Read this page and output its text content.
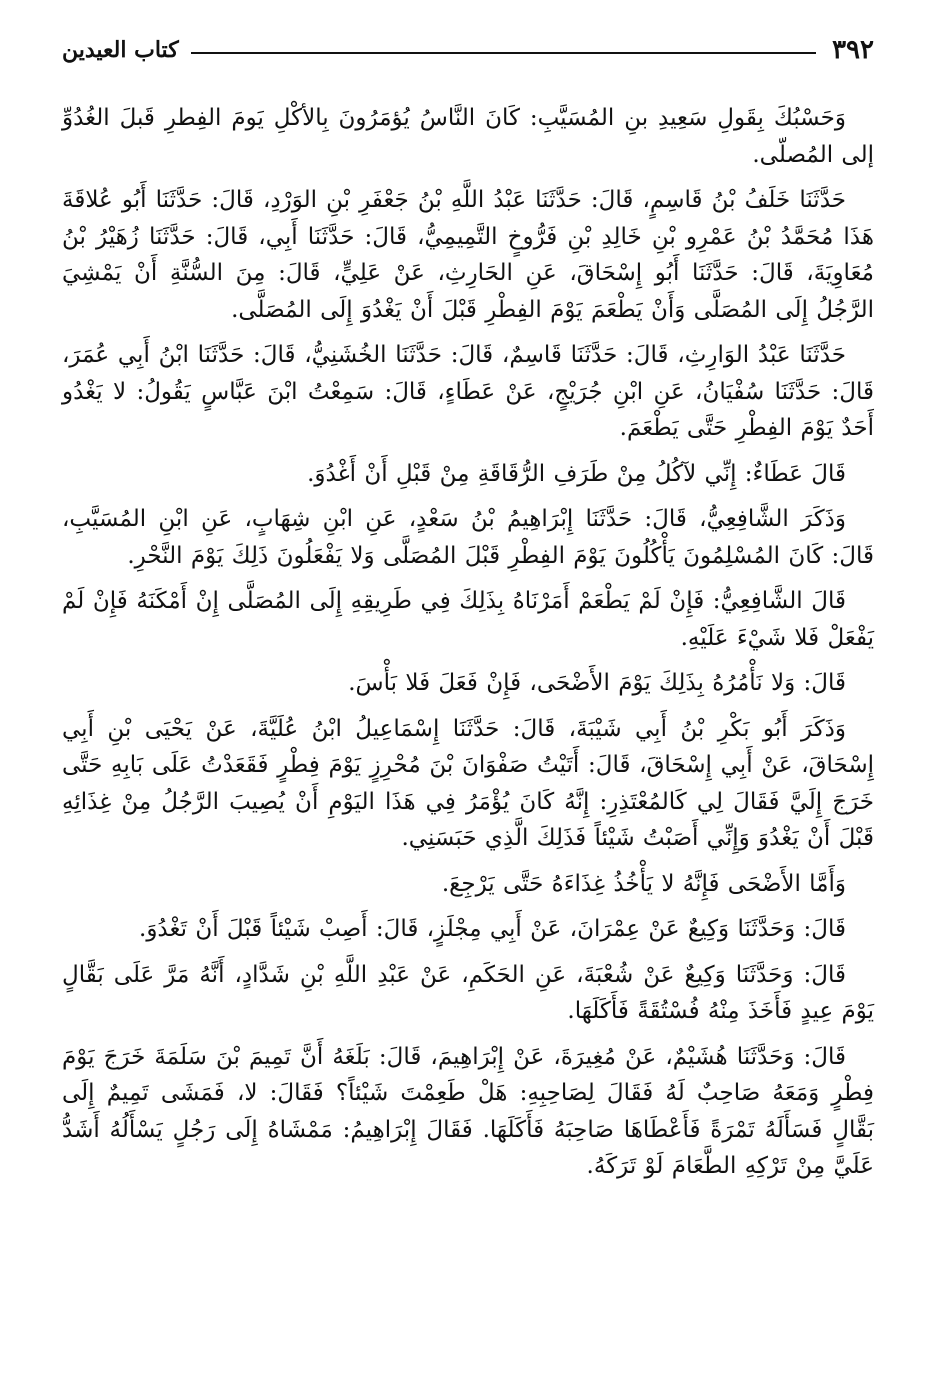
٣٩٢
كتاب العيدين

وَحَسْبُكَ بِقَولِ سَعِيدِ بنِ المُسَيَّبِ: كَانَ النَّاسُ يُؤمَرُونَ بِالأكْلِ يَومَ الفِطرِ قَبلَ الغُدُوِّ إلى المُصلّى.

حَدَّثَنَا خَلَفُ بْنُ قَاسِمٍ، قَالَ: حَدَّثَنَا عَبْدُ اللَّهِ بْنُ جَعْفَرِ بْنِ الوَرْدِ، قَالَ: حَدَّثَنَا أَبُو عُلاقَةَ هَذَا مُحَمَّدُ بْنُ عَمْرِو بْنِ خَالِدِ بْنِ فَرُّوخٍ التَّمِيمِيُّ، قَالَ: حَدَّثَنَا أَبِي، قَالَ: حَدَّثَنَا زُهَيْرُ بْنُ مُعَاوِيَةَ، قَالَ: حَدَّثَنَا أَبُو إِسْحَاقَ، عَنِ الحَارِثِ، عَنْ عَلِيٍّ، قَالَ: مِنَ السُّنَّةِ أَنْ يَمْشِيَ الرَّجُلُ إِلَى المُصَلَّى وَأَنْ يَطْعَمَ يَوْمَ الفِطْرِ قَبْلَ أَنْ يَغْدُوَ إِلَى المُصَلَّى.

حَدَّثَنَا عَبْدُ الوَارِثِ، قَالَ: حَدَّثَنَا قَاسِمٌ، قَالَ: حَدَّثَنَا الخُشَنِيُّ، قَالَ: حَدَّثَنَا ابْنُ أَبِي عُمَرَ، قَالَ: حَدَّثَنَا سُفْيَانُ، عَنِ ابْنِ جُرَيْجٍ، عَنْ عَطَاءٍ، قَالَ: سَمِعْتُ ابْنَ عَبَّاسٍ يَقُولُ: لا يَغْدُو أَحَدٌ يَوْمَ الفِطْرِ حَتَّى يَطْعَمَ.

قَالَ عَطَاءٌ: إِنِّي لآكُلُ مِنْ طَرَفِ الرُّقَاقَةِ مِنْ قَبْلِ أَنْ أَغْدُوَ.

وَذَكَرَ الشَّافِعِيُّ، قَالَ: حَدَّثَنَا إِبْرَاهِيمُ بْنُ سَعْدٍ، عَنِ ابْنِ شِهَابٍ، عَنِ ابْنِ المُسَيَّبِ، قَالَ: كَانَ المُسْلِمُونَ يَأْكُلُونَ يَوْمَ الفِطْرِ قَبْلَ المُصَلَّى وَلا يَفْعَلُونَ ذَلِكَ يَوْمَ النَّحْرِ.

قَالَ الشَّافِعِيُّ: فَإِنْ لَمْ يَطْعَمْ أَمَرْنَاهُ بِذَلِكَ فِي طَرِيقِهِ إِلَى المُصَلَّى إِنْ أَمْكَنَهُ فَإِنْ لَمْ يَفْعَلْ فَلا شَيْءَ عَلَيْهِ.

قَالَ: وَلا نَأْمُرُهُ بِذَلِكَ يَوْمَ الأَضْحَى، فَإِنْ فَعَلَ فَلا بَأْسَ.

وَذَكَرَ أَبُو بَكْرِ بْنُ أَبِي شَيْبَةَ، قَالَ: حَدَّثَنَا إِسْمَاعِيلُ ابْنُ عُلَيَّةَ، عَنْ يَحْيَى بْنِ أَبِي إِسْحَاقَ، عَنْ أَبِي إِسْحَاقَ، قَالَ: أَتَيْتُ صَفْوَانَ بْنَ مُحْرِزٍ يَوْمَ فِطْرٍ فَقَعَدْتُ عَلَى بَابِهِ حَتَّى خَرَجَ إِلَيَّ فَقَالَ لِي كَالمُعْتَذِرِ: إِنَّهُ كَانَ يُؤْمَرُ فِي هَذَا اليَوْمِ أَنْ يُصِيبَ الرَّجُلُ مِنْ غِذَائِهِ قَبْلَ أَنْ يَغْدُوَ وَإِنِّي أَصَبْتُ شَيْئاً فَذَلِكَ الَّذِي حَبَسَنِي.

وَأَمَّا الأَضْحَى فَإِنَّهُ لا يَأْخُذُ غِذَاءَهُ حَتَّى يَرْجِعَ.

قَالَ: وَحَدَّثَنَا وَكِيعٌ عَنْ عِمْرَانَ، عَنْ أَبِي مِجْلَزٍ، قَالَ: أَصِبْ شَيْئاً قَبْلَ أَنْ تَغْدُوَ.

قَالَ: وَحَدَّثَنَا وَكِيعٌ عَنْ شُعْبَةَ، عَنِ الحَكَمِ، عَنْ عَبْدِ اللَّهِ بْنِ شَدَّادٍ، أَنَّهُ مَرَّ عَلَى بَقَّالٍ يَوْمَ عِيدٍ فَأَخَذَ مِنْهُ فُسْتُقَةً فَأَكَلَهَا.

قَالَ: وَحَدَّثَنَا هُشَيْمٌ، عَنْ مُغِيرَةَ، عَنْ إِبْرَاهِيمَ، قَالَ: بَلَغَهُ أَنَّ تَمِيمَ بْنَ سَلَمَةَ خَرَجَ يَوْمَ فِطْرٍ وَمَعَهُ صَاحِبٌ لَهُ فَقَالَ لِصَاحِبِهِ: هَلْ طَعِمْتَ شَيْئاً؟ فَقَالَ: لا، فَمَشَى تَمِيمٌ إِلَى بَقَّالٍ فَسَأَلَهُ تَمْرَةً فَأَعْطَاهَا صَاحِبَهُ فَأَكَلَهَا. فَقَالَ إِبْرَاهِيمُ: مَمْشَاهُ إِلَى رَجُلٍ يَسْأَلُهُ أَشَدُّ عَلَيَّ مِنْ تَرْكِهِ الطَّعَامَ لَوْ تَرَكَهُ.
